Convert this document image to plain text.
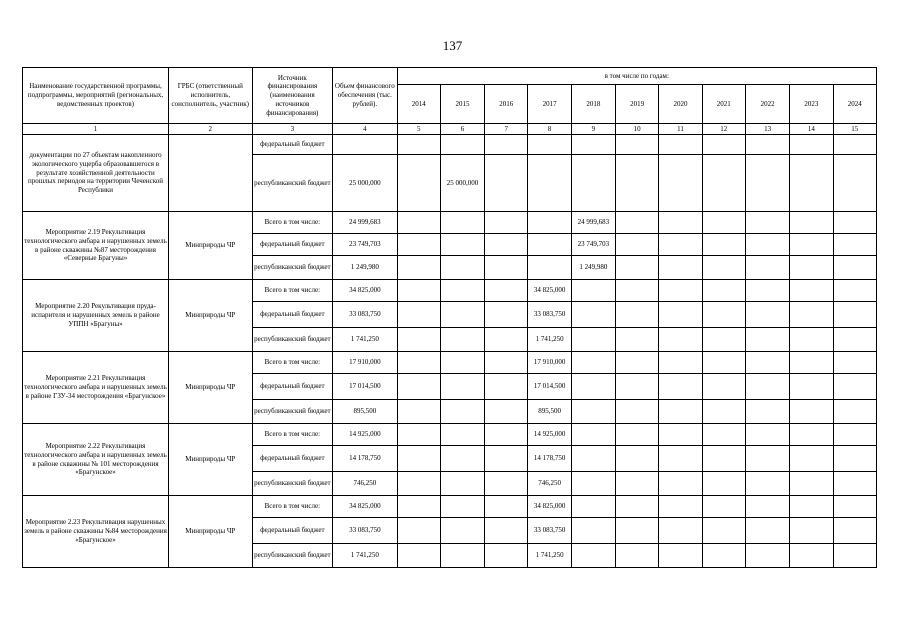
137
Наименование государственной программы, подпрограммы, мероприятий (региональных, ведомственных проектов)	ГРБС (ответственный исполнитель, соисполнитель, участник)	Источник финансирования (наименования источников финансирования)	Объем финансового обеспечения (тыс. рублей).	в том числе по годам:										
				2014	2015	2016	2017	2018	2019	2020	2021	2022	2023	2024
1	2	3	4	5	6	7	8	9	10	11	12	13	14	15
документации по 27 объектам накопленного экологического ущерба образовавшегося в результате хозяйственной деятельности прошлых периодов на территории Чеченской Республики		федеральный бюджет												
		республиканский бюджет	25 000,000		25 000,000									
Мероприятие 2.19 Рекультивация технологического амбара и нарушенных земель в районе скважины №87 месторождения «Северные Брагуны»	Минприроды ЧР	Всего в том числе:	24 999,683					24 999,683						
		федеральный бюджет	23 749,703					23 749,703						
		республиканский бюджет	1 249,980					1 249,980						
Мероприятие 2.20 Рекультивация пруда-испарителя и нарушенных земель в районе УППН «Брагуны»	Минприроды ЧР	Всего в том числе:	34 825,000				34 825,000							
		федеральный бюджет	33 083,750				33 083,750							
		республиканский бюджет	1 741,250				1 741,250							
Мероприятие 2.21 Рекультивация технологического амбара и нарушенных земель в районе ГЗУ-34 месторождения «Брагунское»	Минприроды ЧР	Всего в том числе:	17 910,000				17 910,000							
		федеральный бюджет	17 014,500				17 014,500							
		республиканский бюджет	895,500				895,500							
Мероприятие 2.22 Рекультивация технологического амбара и нарушенных земель в районе скважины № 101 месторождения «Брагунское»	Минприроды ЧР	Всего в том числе:	14 925,000				14 925,000							
		федеральный бюджет	14 178,750				14 178,750							
		республиканский бюджет	746,250				746,250							
Мероприятие 2.23 Рекультивация нарушенных земель в районе скважины №84 месторождения «Брагунское»	Минприроды ЧР	Всего в том числе:	34 825,000				34 825,000							
		федеральный бюджет	33 083,750				33 083,750							
		республиканский бюджет	1 741,250				1 741,250							
